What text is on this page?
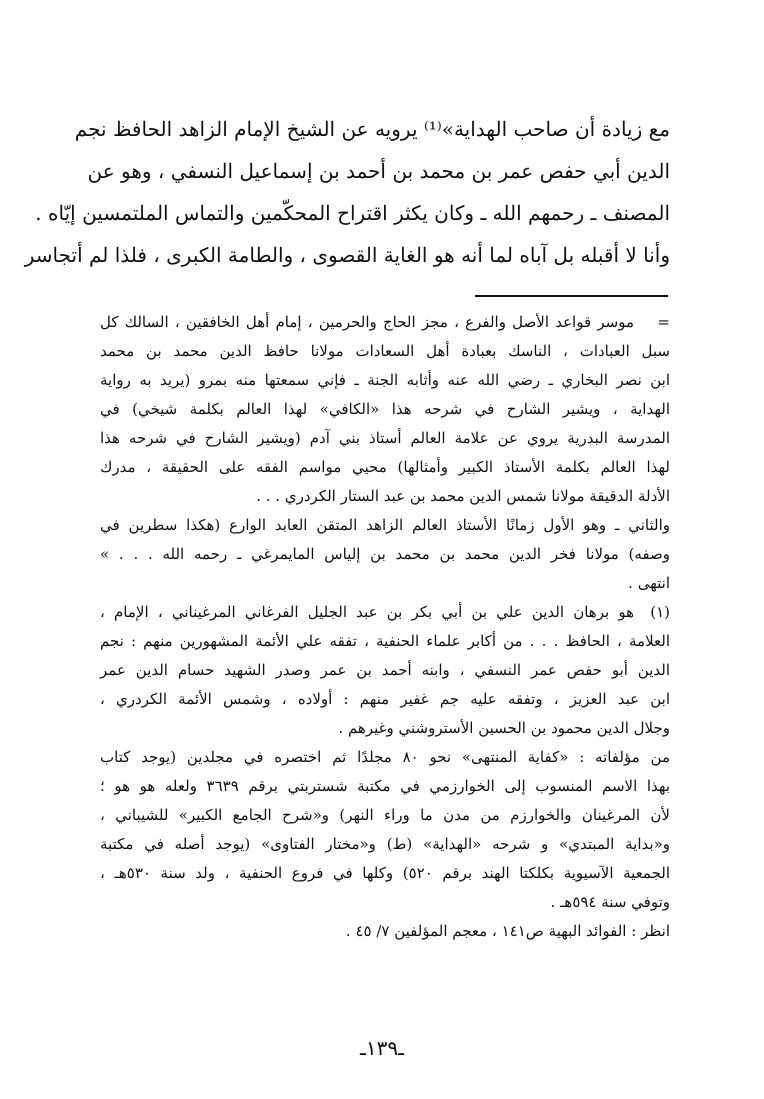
مع زيادة أن صاحب الهداية»⁽¹⁾ يرويه عن الشيخ الإمام الزاهد الحافظ نجم
الدين أبي حفص عمر بن محمد بن أحمد بن إسماعيل النسفي ، وهو عن
المصنف ـ رحمهم الله ـ وكان يكثر اقتراح المحكّمين والتماس الملتمسين إيّاه .
وأنا لا أقبله بل آباه لما أنه هو الغاية القصوى ، والطامة الكبرى ، فلذا لم أتجاسر
=
موسر قواعد الأصل والفرع ، مجز الحاج والحرمين ، إمام أهل الخافقين ، السالك كل
سبل العبادات ، الناسك بعبادة أهل السعادات مولانا حافظ الدين محمد بن محمد
ابن نصر البخاري ـ رضي الله عنه وأثابه الجنة ـ فإني سمعتها منه بمرو (يريد به رواية
الهداية ، ويشير الشارح في شرحه هذا «الكافي» لهذا العالم بكلمة شيخي) في
المدرسة البدرية يروي عن علامة العالم أستاذ بني آدم (ويشير الشارح في شرحه هذا
لهذا العالم بكلمة الأستاذ الكبير وأمثالها) محيي مواسم الفقه على الحقيقة ، مدرك
الأدلة الدقيقة مولانا شمس الدين محمد بن عبد الستار الكردري . . .
والثاني ـ وهو الأول زمانًا الأستاذ العالم الزاهد المتقن العابد الوارع (هكذا سطرين في
وصفه) مولانا فخر الدين محمد بن محمد بن إلياس المايمرغي ـ رحمه الله . . . »
انتهى .
(١)
هو برهان الدين علي بن أبي بكر بن عبد الجليل الفرغاني المرغيناني ، الإمام ،
العلامة ، الحافظ . . . من أكابر علماء الحنفية ، تفقه علي الأئمة المشهورين منهم : نجم
الدين أبو حفص عمر النسفي ، وابنه أحمد بن عمر وصدر الشهيد حسام الدين عمر
ابن عبد العزيز ، وتفقه عليه جم غفير منهم : أولاده ، وشمس الأئمة الكردري ،
وجلال الدين محمود بن الحسين الأستروشني وغيرهم .
من مؤلفاته : «كفاية المنتهى» نحو ٨٠ مجلدًا ثم اختصره في مجلدين (يوجد كتاب
بهذا الاسم المنسوب إلى الخوارزمي في مكتبة شستربتي برقم ٣٦٣٩ ولعله هو هو ؛
لأن المرغينان والخوارزم من مدن ما وراء النهر) و«شرح الجامع الكبير» للشيباني ،
و«بداية المبتدي» و شرحه «الهداية» (ط) و«مختار الفتاوى» (يوجد أصله في مكتبة
الجمعية الآسيوية بكلكتا الهند برقم ٥٢٠) وكلها في فروع الحنفية ، ولد سنة ٥٣٠هـ ،
وتوفي سنة ٥٩٤هـ .
انظر : الفوائد البهية ص١٤١ ، معجم المؤلفين ٧/ ٤٥ .
ـ١٣٩ـ
